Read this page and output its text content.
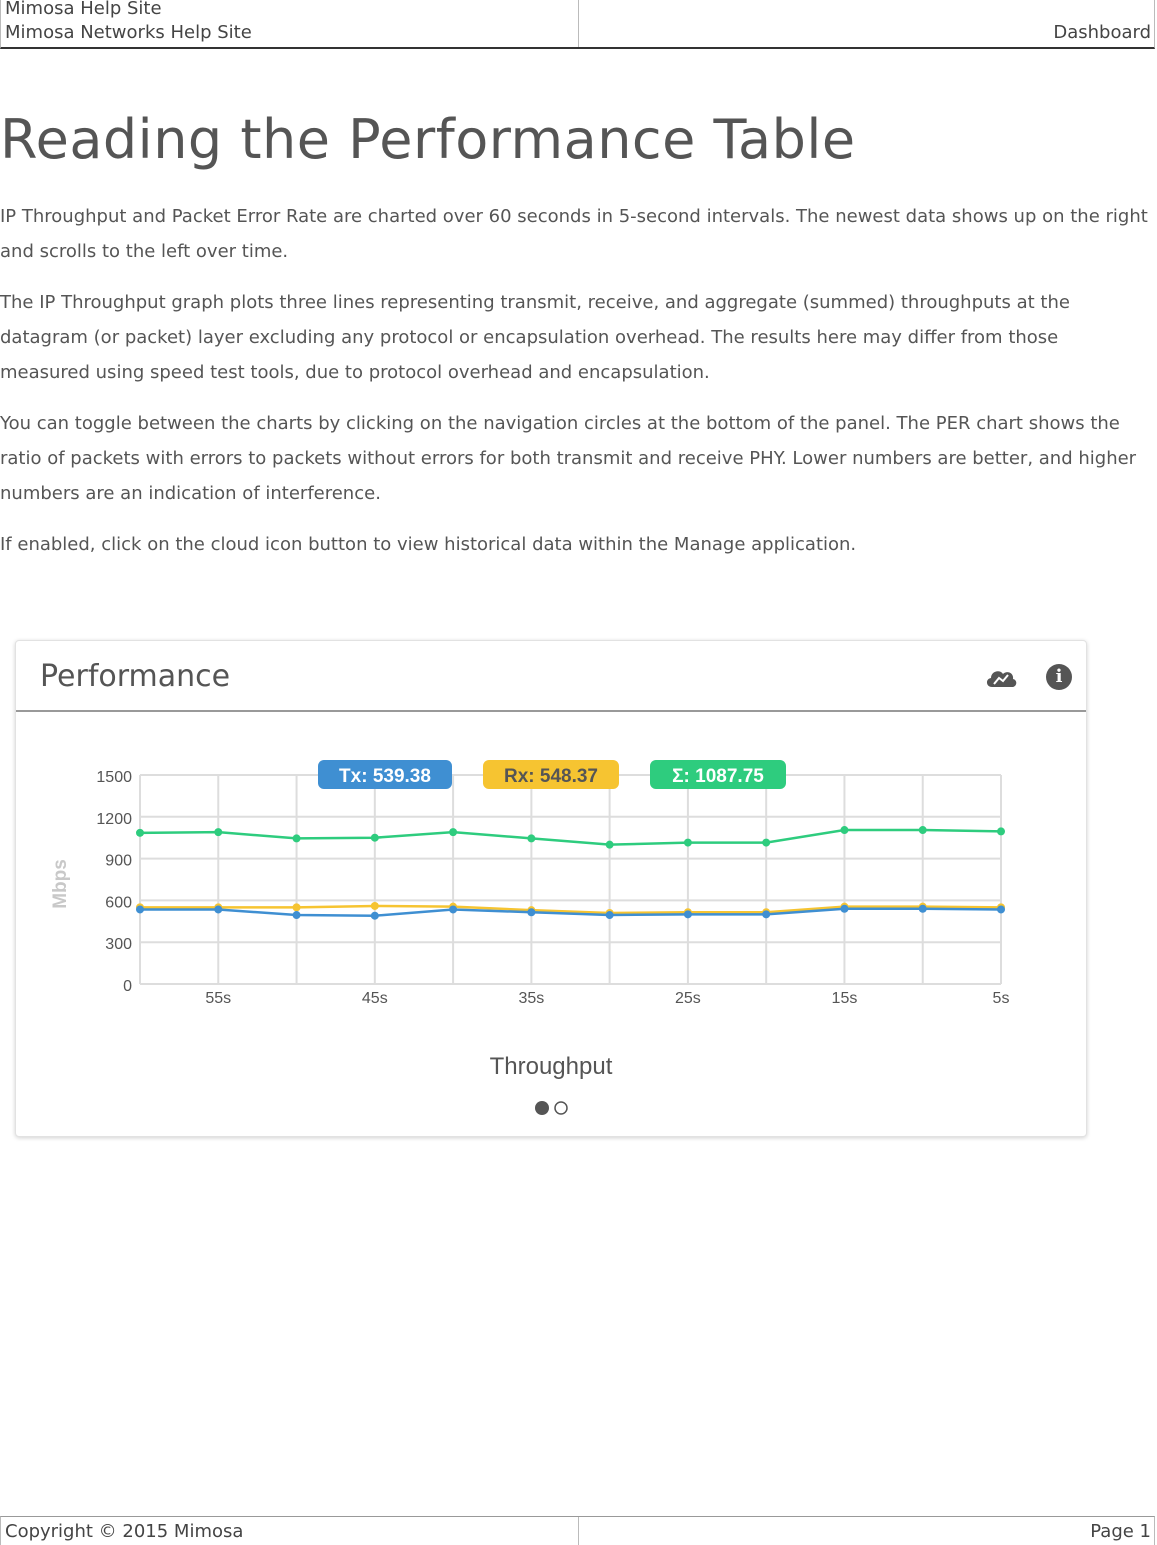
Mimosa Help Site
Mimosa Networks Help Site	Dashboard
Reading the Performance Table

IP Throughput and Packet Error Rate are charted over 60 seconds in 5-second intervals. The newest data shows up on the right and scrolls to the left over time.

The IP Throughput graph plots three lines representing transmit, receive, and aggregate (summed) throughputs at the datagram (or packet) layer excluding any protocol or encapsulation overhead. The results here may differ from those measured using speed test tools, due to protocol overhead and encapsulation.

You can toggle between the charts by clicking on the navigation circles at the bottom of the panel. The PER chart shows the ratio of packets with errors to packets without errors for both transmit and receive PHY. Lower numbers are better, and higher numbers are an indication of interference.

If enabled, click on the cloud icon button to view historical data within the Manage application.

Performance	i
0
300
600
900
1200
1500
55s	45s	35s	25s	15s	5s
Mbps
Tx: 539.38	Rx: 548.37	Σ: 1087.75
Throughput
Copyright © 2015 Mimosa	Page 1
